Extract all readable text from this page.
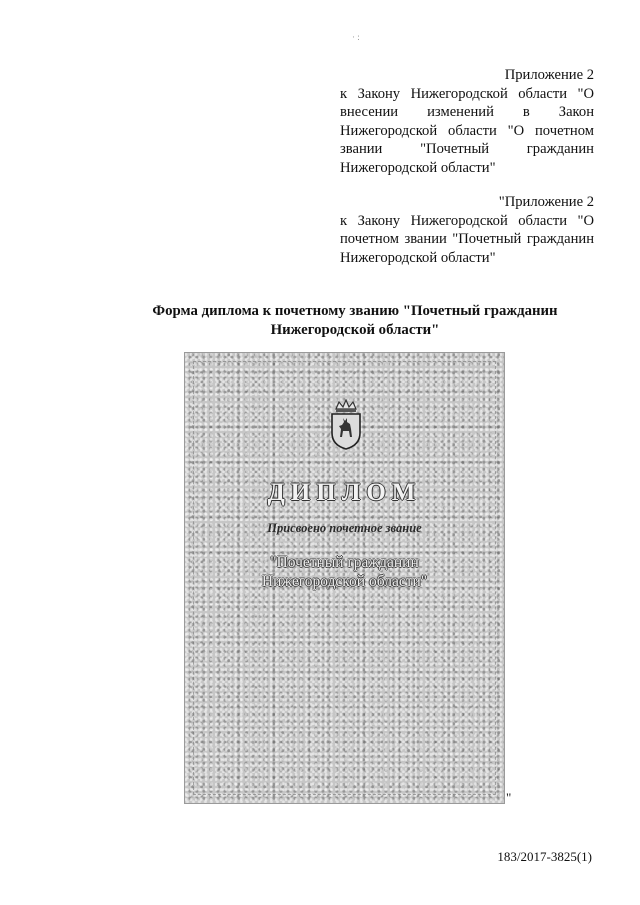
· :
Приложение 2
к Закону Нижегородской области "О внесении изменений в Закон Нижегородской области "О почетном звании "Почетный гражданин Нижегородской области"
"Приложение 2
к Закону Нижегородской области "О почетном звании "Почетный гражданин Нижегородской области"
Форма диплома к почетному званию "Почетный гражданин Нижегородской области"
ДИПЛОМ
Присвоено почетное звание
"Почетный гражданин
Нижегородской области"
"
183/2017-3825(1)
